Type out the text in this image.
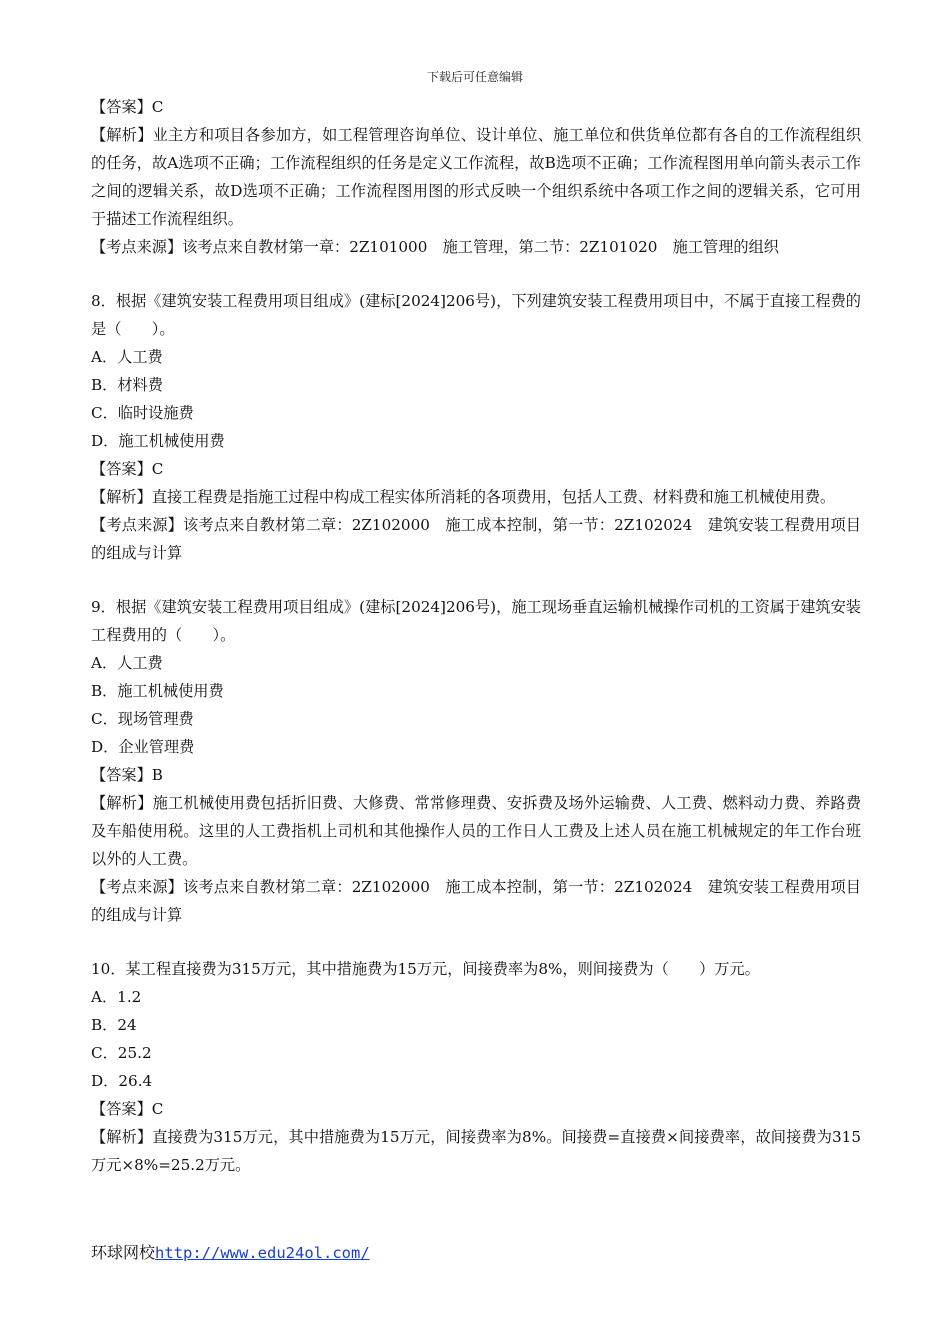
下载后可任意编辑

【答案】C

【解析】业主方和项目各参加方，如工程管理咨询单位、设计单位、施工单位和供货单位都有各自的工作流程组织的任务，故A选项不正确；工作流程组织的任务是定义工作流程，故B选项不正确；工作流程图用单向箭头表示工作之间的逻辑关系，故D选项不正确；工作流程图用图的形式反映一个组织系统中各项工作之间的逻辑关系，它可用于描述工作流程组织。

【考点来源】该考点来自教材第一章：2Z101000　施工管理，第二节：2Z101020　施工管理的组织

8．根据《建筑安装工程费用项目组成》(建标[2024]206号)，下列建筑安装工程费用项目中，不属于直接工程费的是（　　）。

A．人工费

B．材料费

C．临时设施费

D．施工机械使用费

【答案】C

【解析】直接工程费是指施工过程中构成工程实体所消耗的各项费用，包括人工费、材料费和施工机械使用费。

【考点来源】该考点来自教材第二章：2Z102000　施工成本控制，第一节：2Z102024　建筑安装工程费用项目的组成与计算

9．根据《建筑安装工程费用项目组成》(建标[2024]206号)，施工现场垂直运输机械操作司机的工资属于建筑安装工程费用的（　　）。

A．人工费

B．施工机械使用费

C．现场管理费

D．企业管理费

【答案】B

【解析】施工机械使用费包括折旧费、大修费、常常修理费、安拆费及场外运输费、人工费、燃料动力费、养路费及车船使用税。这里的人工费指机上司机和其他操作人员的工作日人工费及上述人员在施工机械规定的年工作台班以外的人工费。

【考点来源】该考点来自教材第二章：2Z102000　施工成本控制，第一节：2Z102024　建筑安装工程费用项目的组成与计算

10．某工程直接费为315万元，其中措施费为15万元，间接费率为8%，则间接费为（　　）万元。

A．1.2

B．24

C．25.2

D．26.4

【答案】C

【解析】直接费为315万元，其中措施费为15万元，间接费率为8%。间接费=直接费×间接费率，故间接费为315万元×8%=25.2万元。

环球网校http://www.edu24ol.com/
